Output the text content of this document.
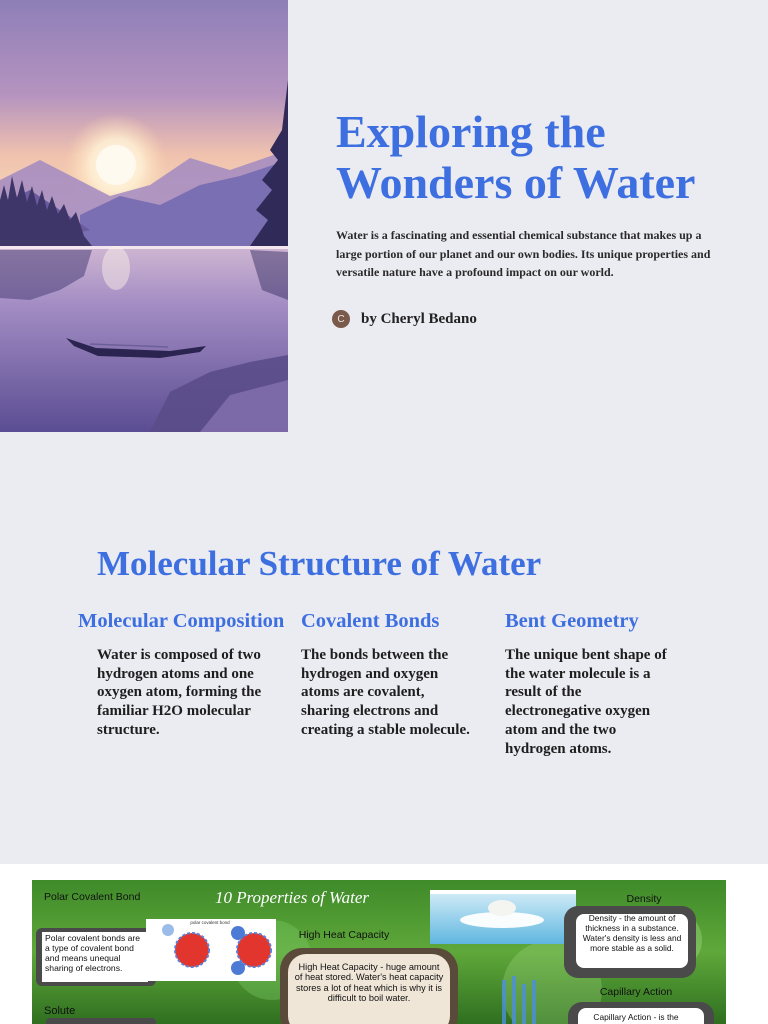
Exploring the Wonders of Water

Water is a fascinating and essential chemical substance that makes up a large portion of our planet and our own bodies. Its unique properties and versatile nature have a profound impact on our world.

C	by Cheryl Bedano
Molecular Structure of Water
Molecular Composition

Water is composed of two hydrogen atoms and one oxygen atom, forming the familiar H2O molecular structure.

Covalent Bonds

The bonds between the hydrogen and oxygen atoms are covalent, sharing electrons and creating a stable molecule.

Bent Geometry

The unique bent shape of the water molecule is a result of the electronegative oxygen atom and the two hydrogen atoms.

10 Properties of Water
Polar Covalent Bond
Polar covalent bonds are a type of covalent bond and means unequal sharing of electrons.
polar covalent bond
Solute
High Heat Capacity
High Heat Capacity - huge amount of heat stored. Water's heat capacity stores a lot of heat which is why it is difficult to boil water.
Density
Density - the amount of thickness in a substance. Water's density is less and more stable as a solid.
Capillary Action
Capillary Action - is the
